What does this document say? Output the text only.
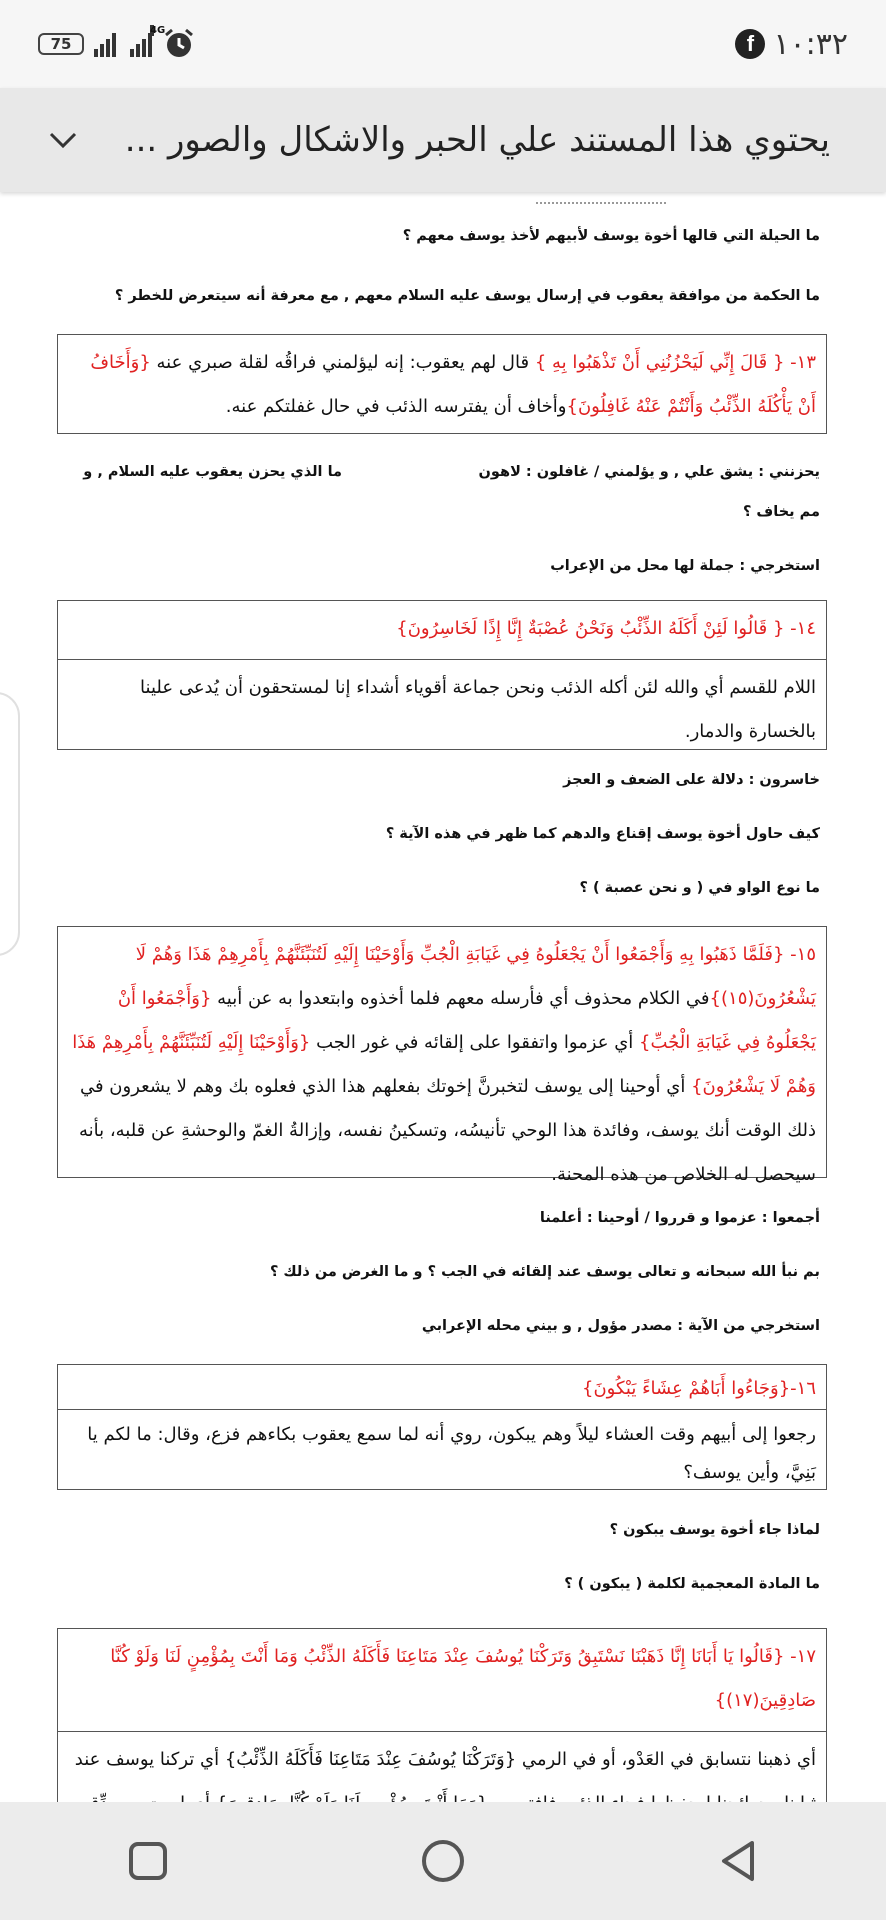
75
4G
f ١٠:٣٢
يحتوي هذا المستند علي الحبر والاشكال والصور ...
ما الحيلة التي قالها أخوة يوسف لأبيهم لأخذ يوسف معهم ؟
ما الحكمة من موافقة يعقوب في إرسال يوسف عليه السلام معهم , مع معرفة أنه سيتعرض للخطر ؟

١٣- { قَالَ إِنِّي لَيَحْزُنُنِي أَنْ تَذْهَبُوا بِهِ } قال لهم يعقوب: إنه ليؤلمني فراقُه لقلة صبري عنه {وَأَخَافُ أَنْ يَأْكُلَهُ الذِّئْبُ وَأَنْتُمْ عَنْهُ غَافِلُونَ}وأخاف أن يفترسه الذئب في حال غفلتكم عنه.

يحزنني : يشق علي , و يؤلمني / غافلون : لاهون
ما الذي يحزن يعقوب عليه السلام , و
مم يخاف ؟
استخرجي : جملة لها محل من الإعراب

١٤- { قَالُوا لَئِنْ أَكَلَهُ الذِّئْبُ وَنَحْنُ عُصْبَةٌ إِنَّا إِذًا لَخَاسِرُونَ}

اللام للقسم أي والله لئن أكله الذئب ونحن جماعة أقوياء أشداء إنا لمستحقون أن يُدعى علينا بالخسارة والدمار.

خاسرون : دلالة على الضعف و العجز
كيف حاول أخوة يوسف إقناع والدهم كما ظهر في هذه الآية ؟
ما نوع الواو في ( و نحن عصبة ) ؟

١٥- {فَلَمَّا ذَهَبُوا بِهِ وَأَجْمَعُوا أَنْ يَجْعَلُوهُ فِي غَيَابَةِ الْجُبِّ وَأَوْحَيْنَا إِلَيْهِ لَتُنَبِّئَنَّهُمْ بِأَمْرِهِمْ هَذَا وَهُمْ لَا يَشْعُرُونَ(١٥)}في الكلام محذوف أي فأرسله معهم فلما أخذوه وابتعدوا به عن أبيه {وَأَجْمَعُوا أَنْ يَجْعَلُوهُ فِي غَيَابَةِ الْجُبِّ} أي عزموا واتفقوا على إلقائه في غور الجب {وَأَوْحَيْنَا إِلَيْهِ لَتُنَبِّئَنَّهُمْ بِأَمْرِهِمْ هَذَا وَهُمْ لَا يَشْعُرُونَ} أي أوحينا إلى يوسف لتخبرنَّ إخوتك بفعلهم هذا الذي فعلوه بك وهم لا يشعرون في ذلك الوقت أنك يوسف، وفائدة هذا الوحي تأنيسُه، وتسكينُ نفسه، وإزالةُ الغمّ والوحشةِ عن قلبه، بأنه سيحصل له الخلاص من هذه المحنة.

أجمعوا : عزموا و قرروا / أوحينا : أعلمنا
بم نبأ الله سبحانه و تعالى يوسف عند إلقائه في الجب ؟ و ما الغرض من ذلك ؟
استخرجي من الآية : مصدر مؤول , و بيني محله الإعرابي

١٦-{وَجَاءُوا أَبَاهُمْ عِشَاءً يَبْكُونَ}

رجعوا إلى أبيهم وقت العشاء ليلاً وهم يبكون، روي أنه لما سمع يعقوب بكاءهم فزع، وقال: ما لكم يا بَنِيَّ، وأين يوسف؟

لماذا جاء أخوة يوسف يبكون ؟
ما المادة المعجمية لكلمة ( يبكون ) ؟

١٧- {قَالُوا يَا أَبَانَا إِنَّا ذَهَبْنَا نَسْتَبِقُ وَتَرَكْنَا يُوسُفَ عِنْدَ مَتَاعِنَا فَأَكَلَهُ الذِّئْبُ وَمَا أَنْتَ بِمُؤْمِنٍ لَنَا وَلَوْ كُنَّا صَادِقِينَ(١٧)}

أي ذهبنا نتسابق في العَدْو، أو في الرمي {وَتَرَكْنَا يُوسُفَ عِنْدَ مَتَاعِنَا فَأَكَلَهُ الذِّئْبُ} أي تركنا يوسف عند
